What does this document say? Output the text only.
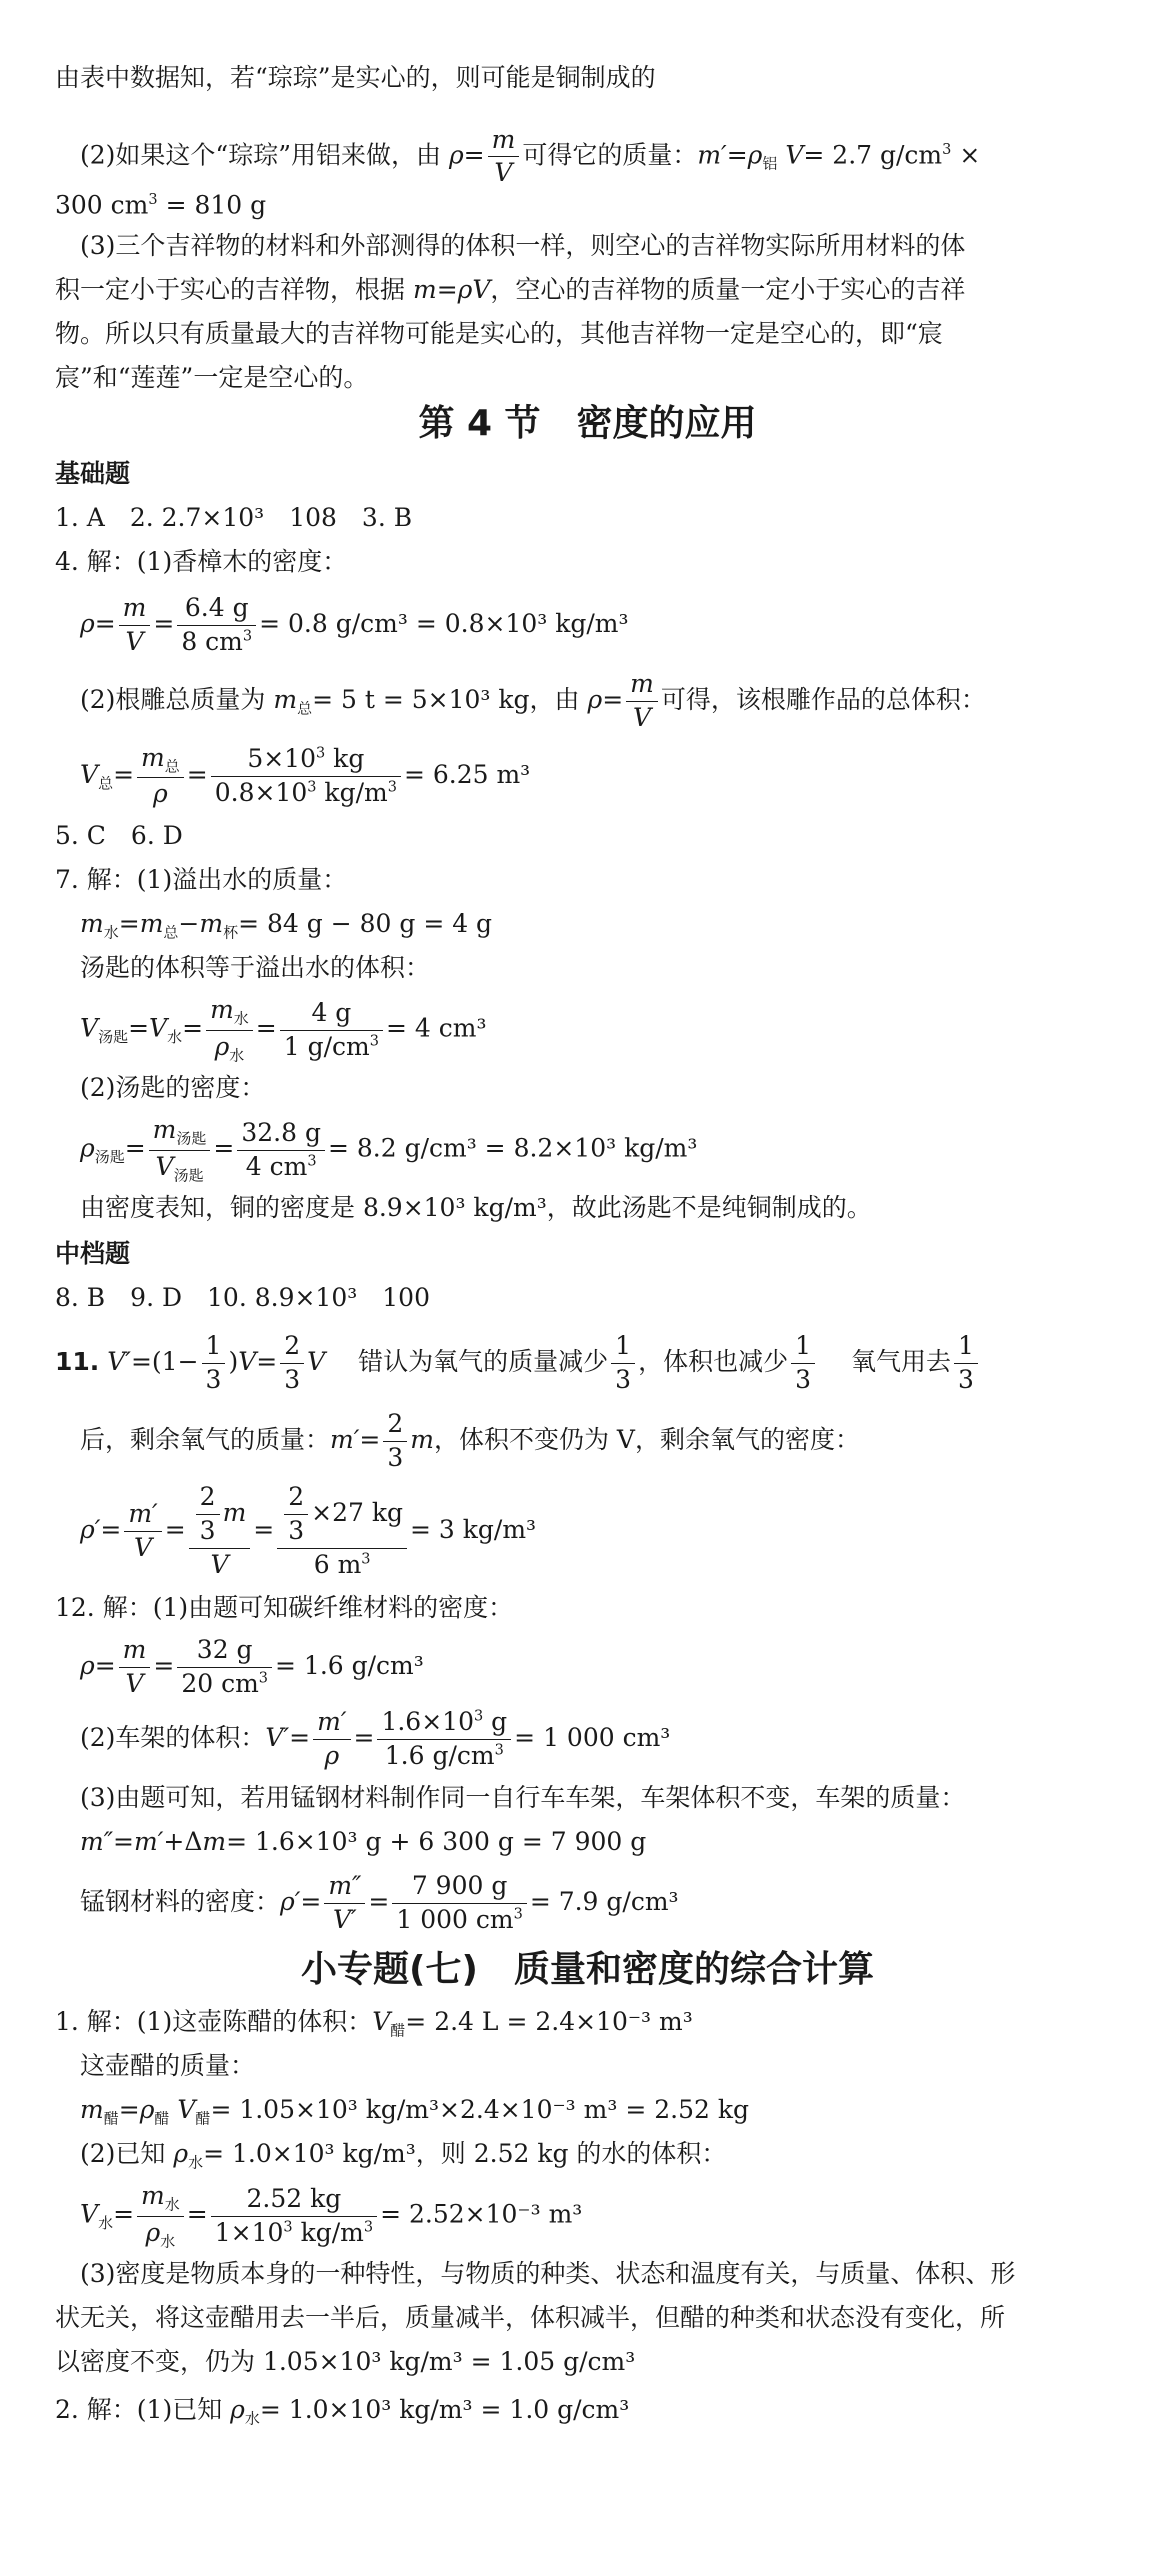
由表中数据知，若“琮琮”是实心的，则可能是铜制成的
(2)如果这个“琮琮”用铝来做，由 $\rho= \frac{m}{V}$ 可得它的质量：$m'=\rho_铝$ V= 2.7 $g/cm^3$ ×
300 $cm^3 = 810$ g
(3)三个吉祥物的材料和外部测得的体积一样，则空心的吉祥物实际所用材料的体
积一定小于实心的吉祥物，根据 m=ρV，空心的吉祥物的质量一定小于实心的吉祥
物。所以只有质量最大的吉祥物可能是实心的，其他吉祥物一定是空心的，即“宸
宸”和“莲莲”一定是空心的。
第 4 节　密度的应用
基础题
1. A　2. 2.7×10³　108　3. B
4. 解：(1)香樟木的密度：
$\rho= \frac{m}{V} = \frac{6.4 g}{8 cm^3} = 0.8$ g/cm³ = 0.8×10³ kg/m³
(2)根雕总质量为 $m_总= 5$ t = 5×10³ kg，由 $\rho= \frac{m}{V}$ 可得，该根雕作品的总体积：
$V_总= \frac{m_总}{\rho} = \frac{5\times 10^3 kg}{0.8\times 10^3 kg/m^3} = 6.25$ m³
5. C　6. D
7. 解：(1)溢出水的质量：
$m_水=m_总-m_杯= 84$ g − 80 g = 4 g
汤匙的体积等于溢出水的体积：
$V_{汤匙}=V_水= \frac{m_水}{\rho_水} = \frac{4 g}{1 g/cm^3} = 4$ cm³
(2)汤匙的密度：
$\rho_{汤匙}= \frac{m_{汤匙}}{V_{汤匙}} = \frac{32.8 g}{4 cm^3} = 8.2$ g/cm³ = 8.2×10³ kg/m³
由密度表知，铜的密度是 8.9×10³ kg/m³，故此汤匙不是纯铜制成的。
中档题
8. B　9. D　10. 8.9×10³　100
11. $V'=(1- \frac{1}{3} )V= \frac{2}{3}$ V　 错认为氧气的质量减少 $\frac{1}{3}$ ，体积也减少 $\frac{1}{3}$
　 氧气用去 $\frac{1}{3}$
后，剩余氧气的质量：$m'= \frac{2}{3}$ m，体积不变仍为 V，剩余氧气的密度：
$\rho'= \frac{m'}{V} = \frac{\frac{2}{3} m}{V} = \frac{\frac{2}{3} \times 27 kg}{6 m^3} = 3$ kg/m³
12. 解：(1)由题可知碳纤维材料的密度：
$\rho= \frac{m}{V} = \frac{32 g}{20 cm^3} = 1.6$ g/cm³
(2)车架的体积：$V'= \frac{m'}{\rho} = \frac{1.6\times 10^3 g}{1.6 g/cm^3} = 1$ 000 cm³
(3)由题可知，若用锰钢材料制作同一自行车车架，车架体积不变，车架的质量：
m″=m′+Δm= 1.6×10³ g + 6 300 g = 7 900 g
锰钢材料的密度：$\rho'= \frac{m''}{V'} = \frac{7 900 g}{1 000 cm^3} = 7.9$ g/cm³
小专题(七)　质量和密度的综合计算
1. 解：(1)这壶陈醋的体积：$V_醋= 2.4$ L = 2.4×10⁻³ m³
这壶醋的质量：
$m_醋=\rho_醋$ $V_醋= 1.05\times 10^3$ kg/m³×2.4×10⁻³ m³ = 2.52 kg
(2)已知 $\rho_水= 1.0\times 10^3$ kg/m³，则 2.52 kg 的水的体积：
$V_水= \frac{m_水}{\rho_水} = \frac{2.52 kg}{1\times 10^3 kg/m^3} = 2.52\times 10^{-3}$ m³
(3)密度是物质本身的一种特性，与物质的种类、状态和温度有关，与质量、体积、形
状无关，将这壶醋用去一半后，质量减半，体积减半，但醋的种类和状态没有变化，所
以密度不变，仍为 1.05×10³ kg/m³ = 1.05 g/cm³
2. 解：(1)已知 $\rho_水= 1.0\times 10^3$ kg/m³ = 1.0 g/cm³
